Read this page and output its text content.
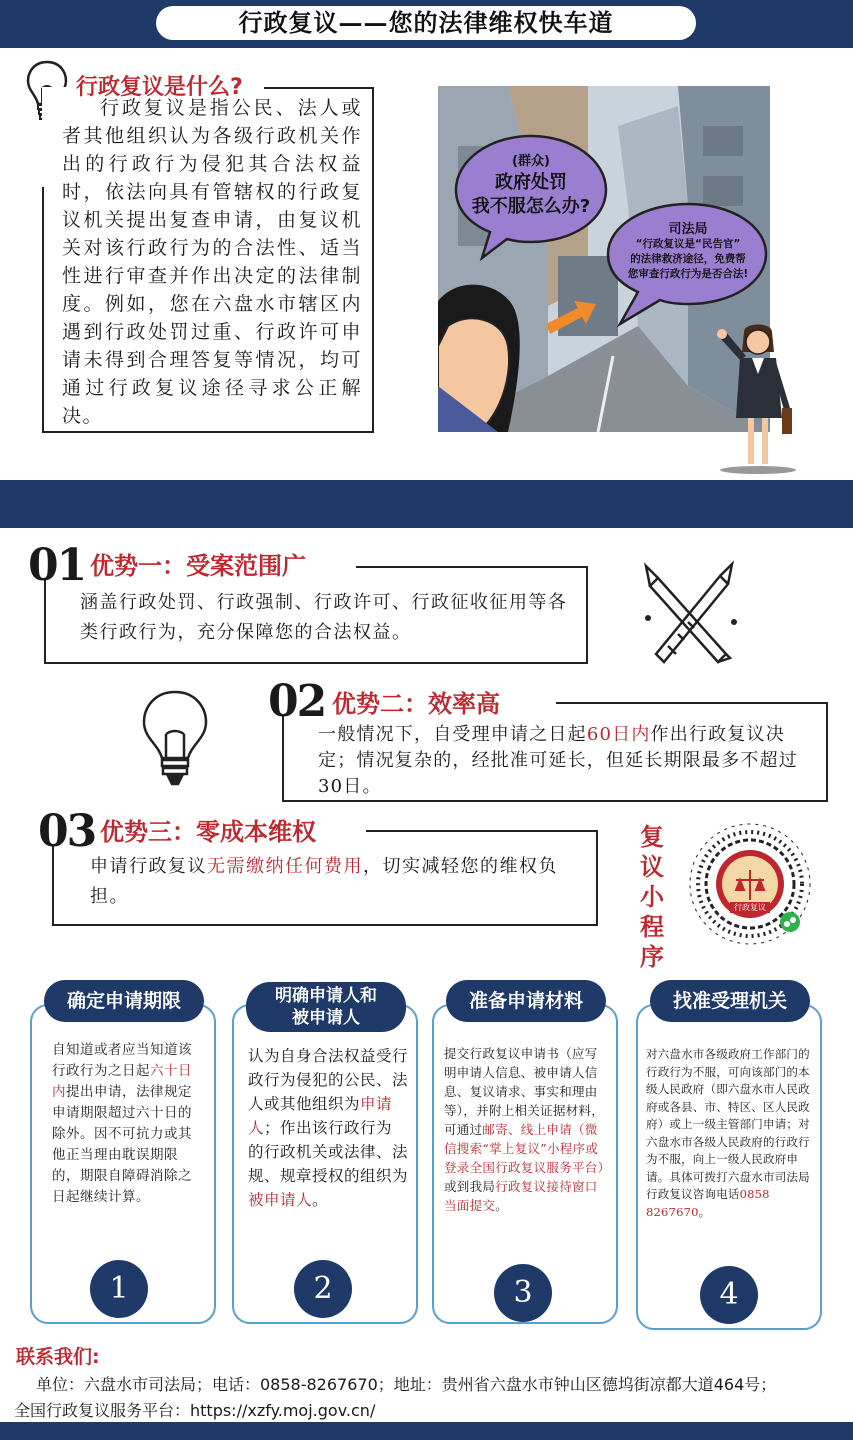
行政复议——您的法律维权快车道
行政复议是什么?
行政复议是指公民、法人或者其他组织认为各级行政机关作出的行政行为侵犯其合法权益时，依法向具有管辖权的行政复议机关提出复查申请，由复议机关对该行政行为的合法性、适当性进行审查并作出决定的法律制度。例如，您在六盘水市辖区内遇到行政处罚过重、行政许可申请未得到合理答复等情况，均可通过行政复议途径寻求公正解决。
(群众)
政府处罚
我不服怎么办?
司法局
“行政复议是“民告官”
的法律救济途径，免费帮
您审查行政行为是否合法!
01 优势一：受案范围广
涵盖行政处罚、行政强制、行政许可、行政征收征用等各类行政行为，充分保障您的合法权益。
02 优势二：效率高
一般情况下，自受理申请之日起60日内作出行政复议决定；情况复杂的，经批准可延长，但延长期限最多不超过30日。
03 优势三：零成本维权
申请行政复议无需缴纳任何费用，切实减轻您的维权负担。
复议小程序
行政复议
确定申请期限
自知道或者应当知道该行政行为之日起六十日内提出申请，法律规定申请期限超过六十日的除外。因不可抗力或其他正当理由耽误期限的，期限自障碍消除之日起继续计算。
1
明确申请人和
被申请人
认为自身合法权益受行政行为侵犯的公民、法人或其他组织为申请人；作出该行政行为的行政机关或法律、法规、规章授权的组织为被申请人。
2
准备申请材料
提交行政复议申请书（应写明申请人信息、被申请人信息、复议请求、事实和理由等），并附上相关证据材料，可通过邮寄、线上申请（微信搜索“掌上复议”小程序或登录全国行政复议服务平台）或到我局行政复议接待窗口当面提交。
3
找准受理机关
对六盘水市各级政府工作部门的行政行为不服，可向该部门的本级人民政府（即六盘水市人民政府或各县、市、特区、区人民政府）或上一级主管部门申请；对六盘水市各级人民政府的行政行为不服，向上一级人民政府申请。具体可拨打六盘水市司法局行政复议咨询电话0858 8267670。
4
联系我们:
单位：六盘水市司法局；电话：0858-8267670；地址：贵州省六盘水市钟山区德坞街凉都大道464号；
全国行政复议服务平台：https://xzfy.moj.gov.cn/
